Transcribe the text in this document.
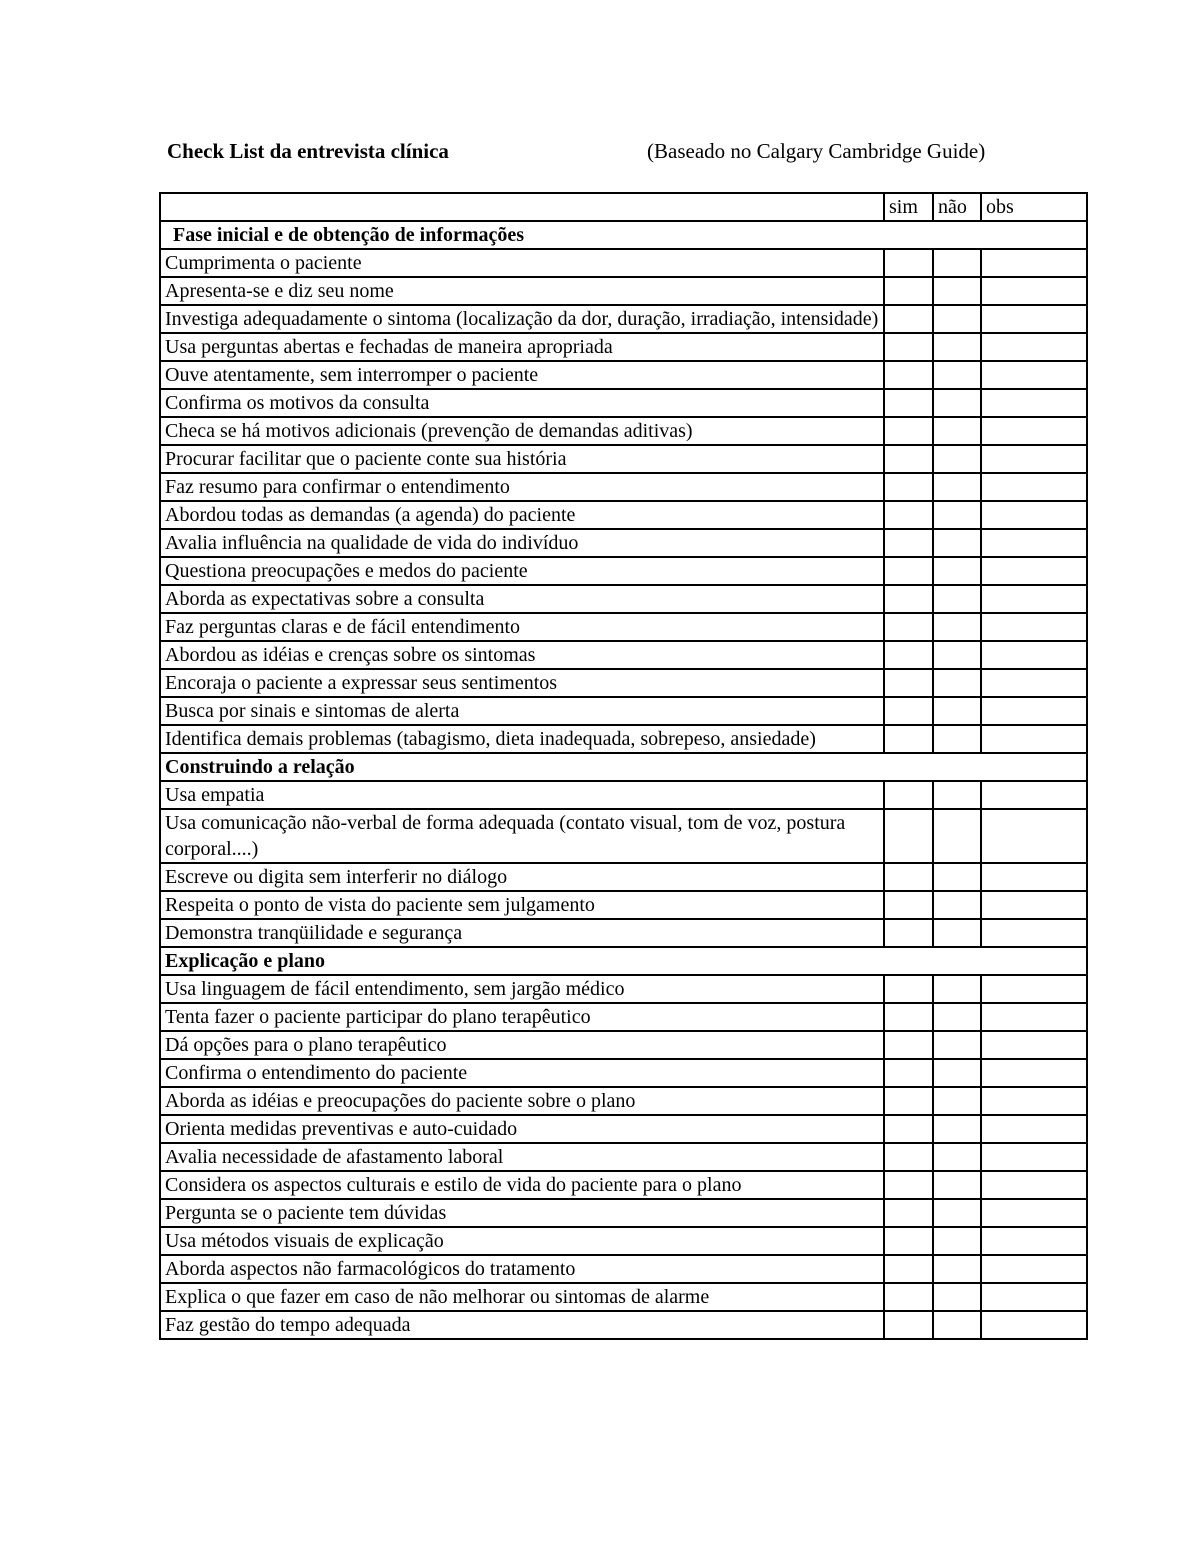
Check List da entrevista clínica	(Baseado no Calgary Cambridge Guide)
	sim	não	obs
Fase inicial e de obtenção de informações			
Cumprimenta o paciente			
Apresenta-se e diz seu nome			
Investiga adequadamente o sintoma (localização da dor, duração, irradiação, intensidade)			
Usa perguntas abertas e fechadas de maneira apropriada			
Ouve atentamente, sem interromper o paciente			
Confirma os motivos da consulta			
Checa se há motivos adicionais (prevenção de demandas aditivas)			
Procurar facilitar que o paciente conte sua história			
Faz resumo para confirmar o entendimento			
Abordou todas as demandas (a agenda) do paciente			
Avalia influência na qualidade de vida do indivíduo			
Questiona preocupações e medos do paciente			
Aborda as expectativas sobre a consulta			
Faz perguntas claras e de fácil entendimento			
Abordou as idéias e crenças sobre os sintomas			
Encoraja o paciente a expressar seus sentimentos			
Busca por sinais e sintomas de alerta			
Identifica demais problemas (tabagismo, dieta inadequada, sobrepeso, ansiedade)			
Construindo a relação			
Usa empatia			
Usa comunicação não-verbal de forma adequada (contato visual, tom de voz, postura corporal....)			
Escreve ou digita sem interferir no diálogo			
Respeita o ponto de vista do paciente sem julgamento			
Demonstra tranqüilidade e segurança			
Explicação e plano			
Usa linguagem de fácil entendimento, sem jargão médico			
Tenta fazer o paciente participar do plano terapêutico			
Dá opções para o plano terapêutico			
Confirma o entendimento do paciente			
Aborda as idéias e preocupações do paciente sobre o plano			
Orienta medidas preventivas e auto-cuidado			
Avalia necessidade de afastamento laboral			
Considera os aspectos culturais e estilo de vida do paciente para o plano			
Pergunta se o paciente tem dúvidas			
Usa métodos visuais de explicação			
Aborda aspectos não farmacológicos do tratamento			
Explica o que fazer em caso de não melhorar ou sintomas de alarme			
Faz gestão do tempo adequada			
